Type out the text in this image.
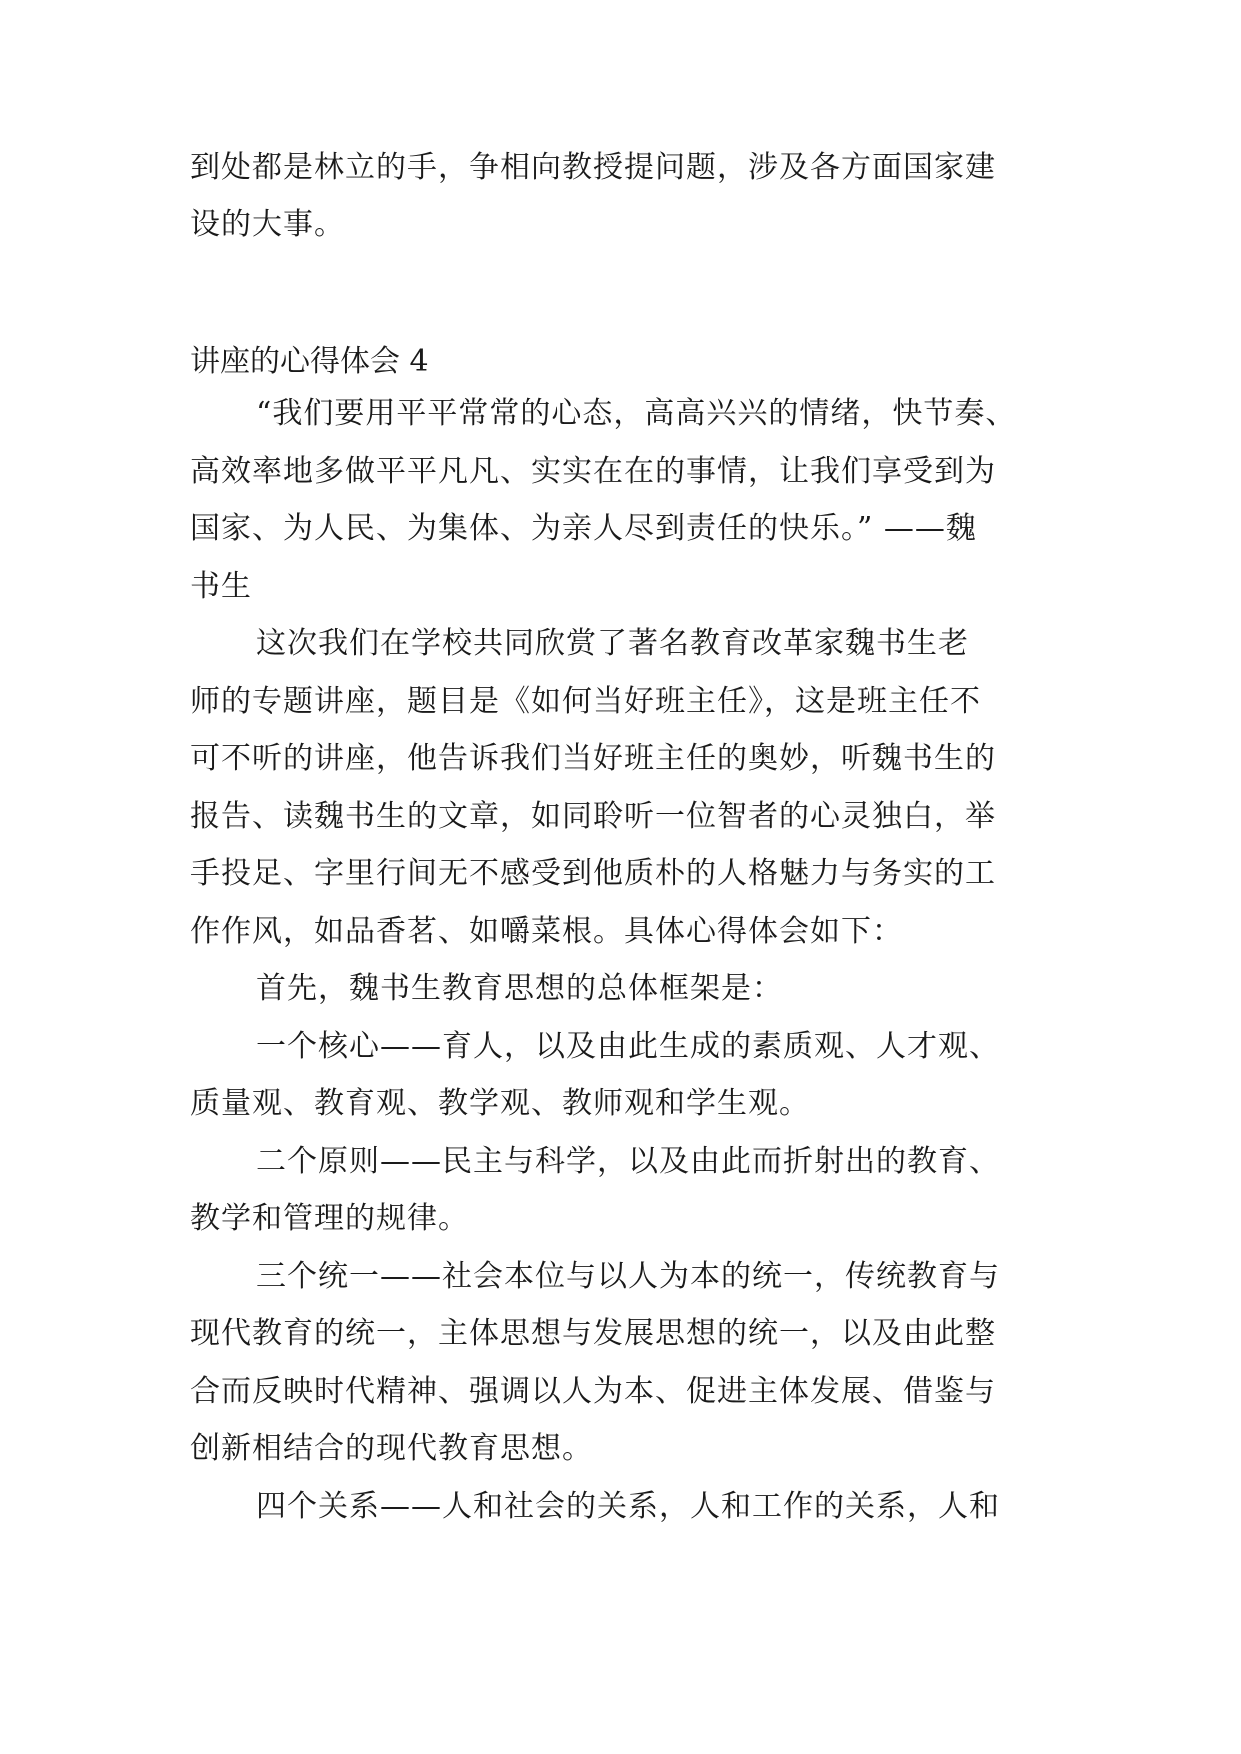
到处都是林立的手，争相向教授提问题，涉及各方面国家建
设的大事。
讲座的心得体会 4
“我们要用平平常常的心态，高高兴兴的情绪，快节奏、
高效率地多做平平凡凡、实实在在的事情，让我们享受到为
国家、为人民、为集体、为亲人尽到责任的快乐。” ——魏
书生
这次我们在学校共同欣赏了著名教育改革家魏书生老
师的专题讲座，题目是《如何当好班主任》，这是班主任不
可不听的讲座，他告诉我们当好班主任的奥妙，听魏书生的
报告、读魏书生的文章，如同聆听一位智者的心灵独白，举
手投足、字里行间无不感受到他质朴的人格魅力与务实的工
作作风，如品香茗、如嚼菜根。具体心得体会如下：
首先，魏书生教育思想的总体框架是：
一个核心——育人，以及由此生成的素质观、人才观、
质量观、教育观、教学观、教师观和学生观。
二个原则——民主与科学，以及由此而折射出的教育、
教学和管理的规律。
三个统一——社会本位与以人为本的统一，传统教育与
现代教育的统一，主体思想与发展思想的统一，以及由此整
合而反映时代精神、强调以人为本、促进主体发展、借鉴与
创新相结合的现代教育思想。
四个关系——人和社会的关系，人和工作的关系，人和
